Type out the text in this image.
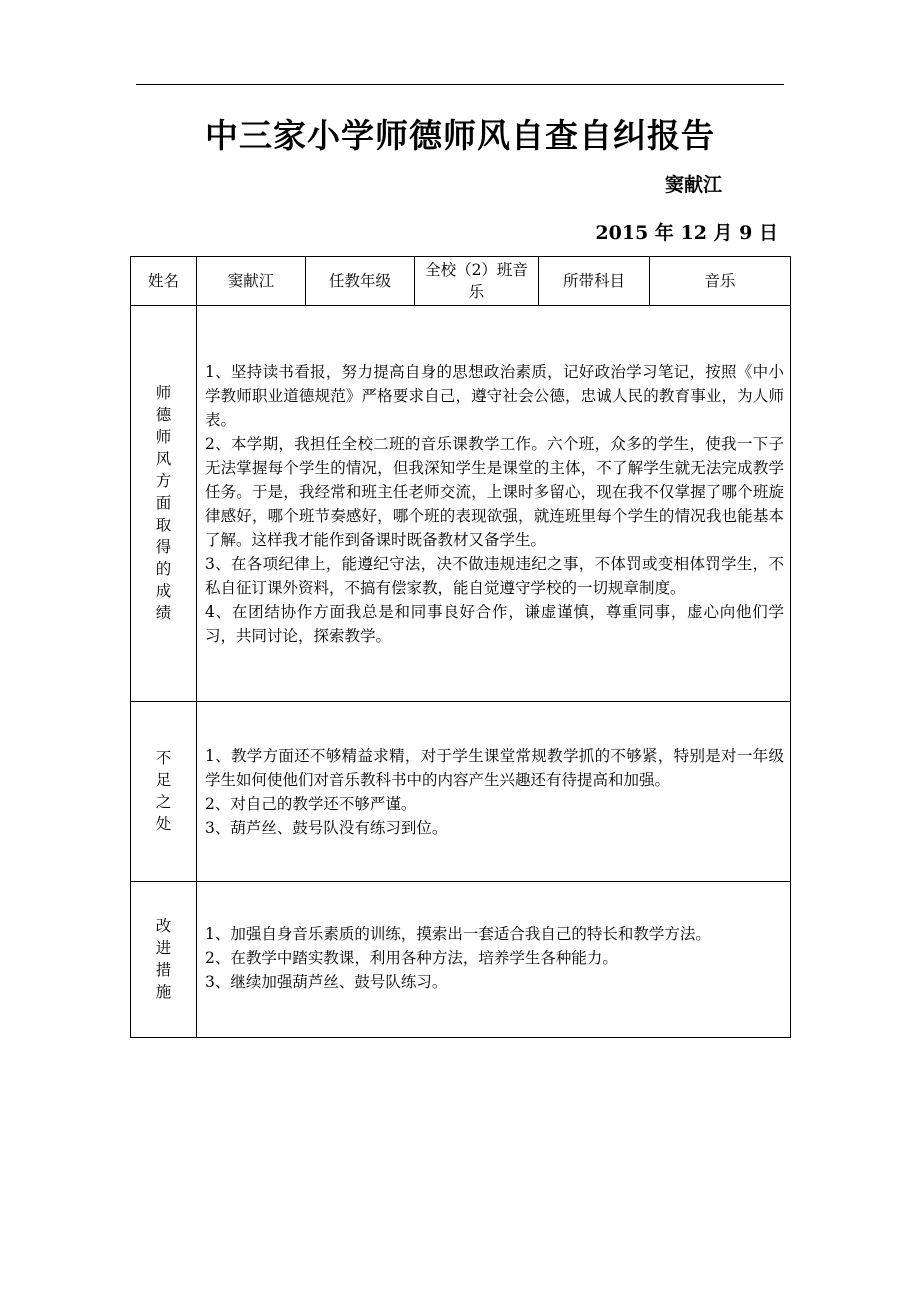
中三家小学师德师风自查自纠报告
窦献江
2015 年 12 月 9 日
姓名	窦献江	任教年级	全校（2）班音乐	所带科目	音乐
师德师风方面取得的成绩	1、坚持读书看报，努力提高自身的思想政治素质，记好政治学习笔记，按照《中小学教师职业道德规范》严格要求自己，遵守社会公德，忠诚人民的教育事业，为人师表。

2、本学期，我担任全校二班的音乐课教学工作。六个班，众多的学生，使我一下子无法掌握每个学生的情况，但我深知学生是课堂的主体，不了解学生就无法完成教学任务。于是，我经常和班主任老师交流，上课时多留心，现在我不仅掌握了哪个班旋律感好，哪个班节奏感好，哪个班的表现欲强，就连班里每个学生的情况我也能基本了解。这样我才能作到备课时既备教材又备学生。

3、在各项纪律上，能遵纪守法，决不做违规违纪之事，不体罚或变相体罚学生，不私自征订课外资料，不搞有偿家教，能自觉遵守学校的一切规章制度。

4、在团结协作方面我总是和同事良好合作，谦虚谨慎，尊重同事，虚心向他们学习，共同讨论，探索教学。				

不足之处	1、教学方面还不够精益求精，对于学生课堂常规教学抓的不够紧，特别是对一年级学生如何使他们对音乐教科书中的内容产生兴趣还有待提高和加强。

2、对自己的教学还不够严谨。

3、葫芦丝、鼓号队没有练习到位。				

改进措施	1、加强自身音乐素质的训练，摸索出一套适合我自己的特长和教学方法。

2、在教学中踏实教课，利用各种方法，培养学生各种能力。

3、继续加强葫芦丝、鼓号队练习。				
